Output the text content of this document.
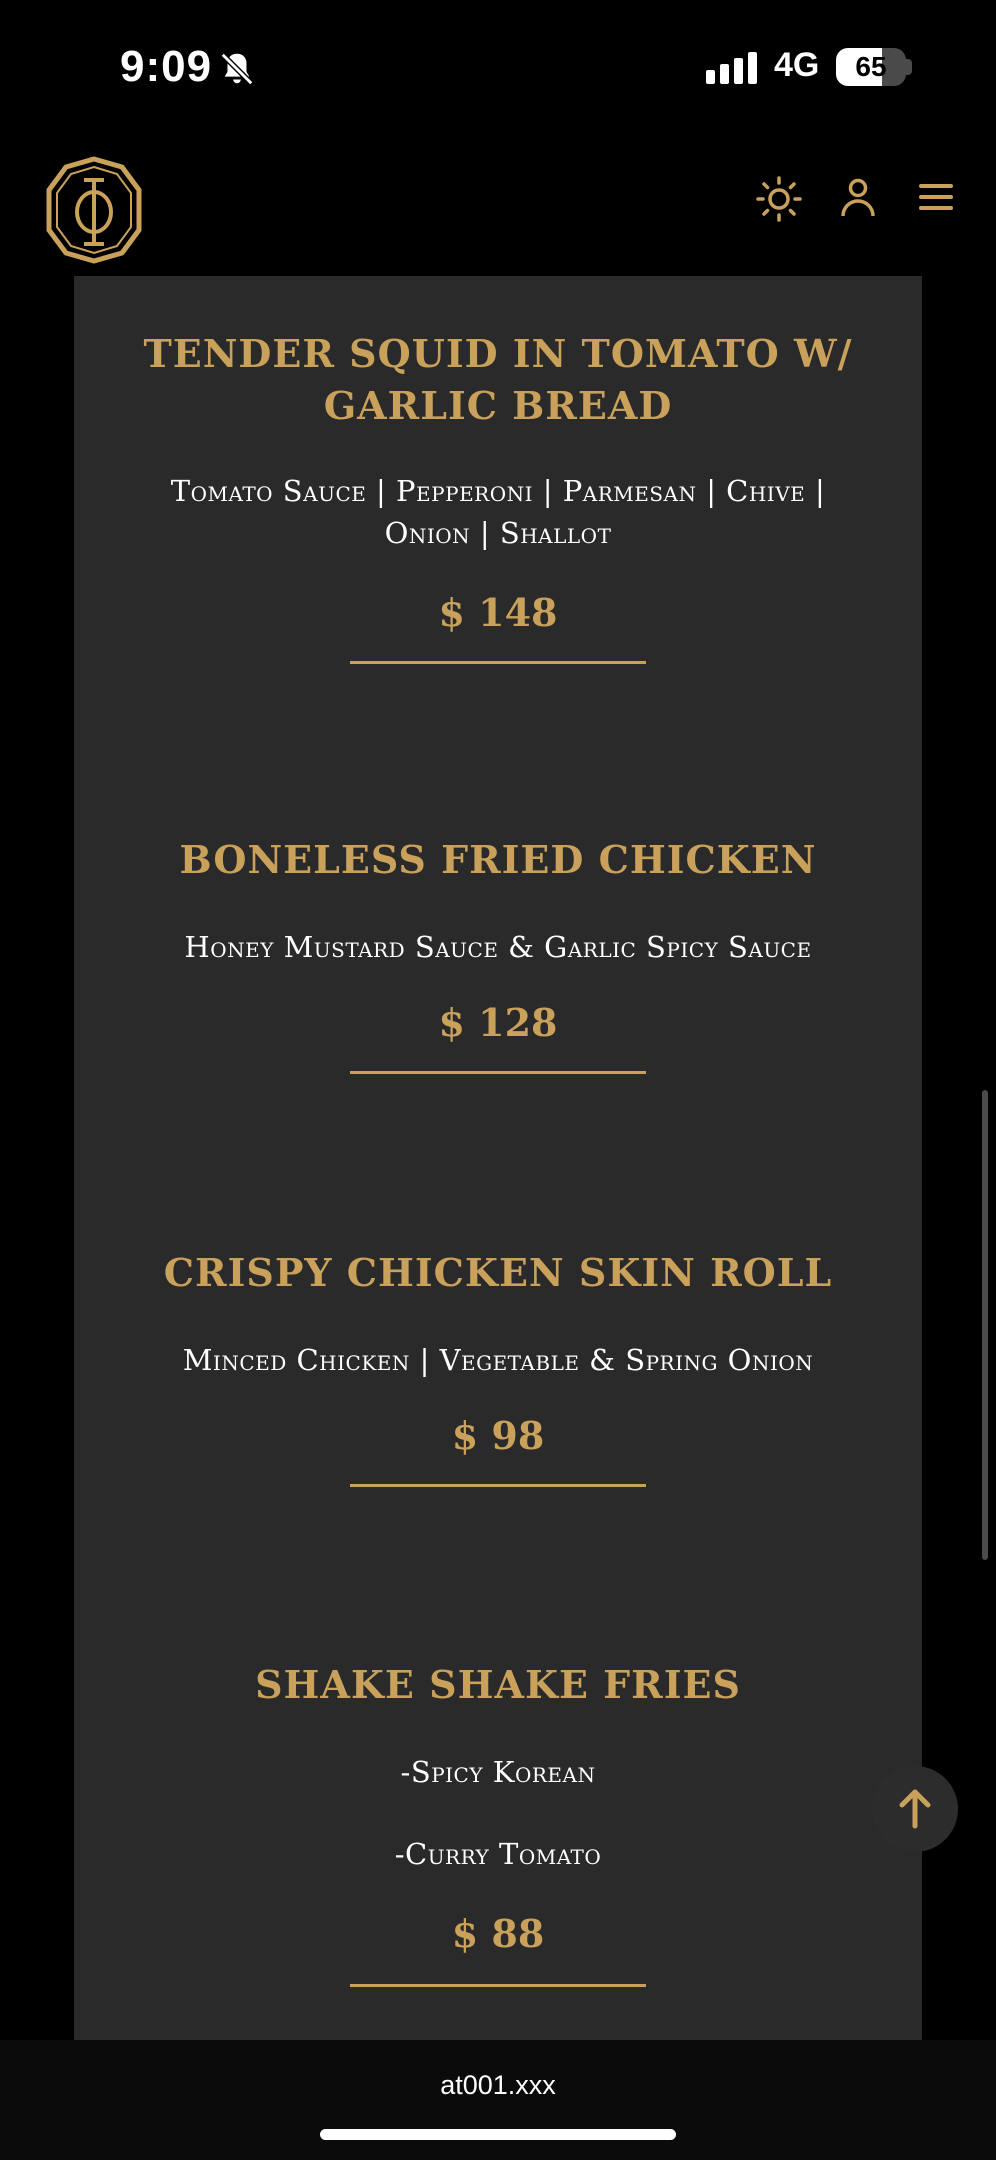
9:09	4G	65
TENDER SQUID IN TOMATO W/ GARLIC BREAD

Tomato Sauce | Pepperoni | Parmesan | Chive | Onion | Shallot

$ 148

BONELESS FRIED CHICKEN

Honey Mustard Sauce & Garlic Spicy Sauce

$ 128

CRISPY CHICKEN SKIN ROLL

Minced Chicken | Vegetable & Spring Onion

$ 98

SHAKE SHAKE FRIES

-Spicy Korean

-Curry Tomato

$ 88

at001.xxx
